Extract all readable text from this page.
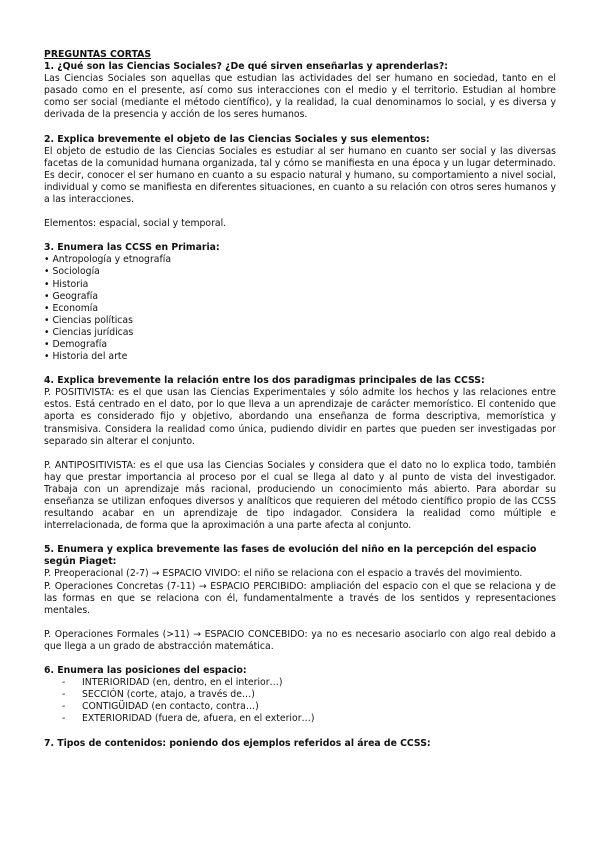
PREGUNTAS CORTAS
1. ¿Qué son las Ciencias Sociales? ¿De qué sirven enseñarlas y aprenderlas?:

Las Ciencias Sociales son aquellas que estudian las actividades del ser humano en sociedad, tanto en el pasado como en el presente, así como sus interacciones con el medio y el territorio. Estudian al hombre como ser social (mediante el método científico), y la realidad, la cual denominamos lo social, y es diversa y derivada de la presencia y acción de los seres humanos.

2. Explica brevemente el objeto de las Ciencias Sociales y sus elementos:

El objeto de estudio de las Ciencias Sociales es estudiar al ser humano en cuanto ser social y las diversas facetas de la comunidad humana organizada, tal y cómo se manifiesta en una época y un lugar determinado.

Es decir, conocer el ser humano en cuanto a su espacio natural y humano, su comportamiento a nivel social, individual y como se manifiesta en diferentes situaciones, en cuanto a su relación con otros seres humanos y a las interacciones.

Elementos: espacial, social y temporal.

3. Enumera las CCSS en Primaria:
• Antropología y etnografía
• Sociología
• Historia
• Geografía
• Economía
• Ciencias políticas
• Ciencias jurídicas
• Demografía
• Historia del arte
4. Explica brevemente la relación entre los dos paradigmas principales de las CCSS:

P. POSITIVISTA: es el que usan las Ciencias Experimentales y sólo admite los hechos y las relaciones entre estos. Está centrado en el dato, por lo que lleva a un aprendizaje de carácter memorístico. El contenido que aporta es considerado fijo y objetivo, abordando una enseñanza de forma descriptiva, memorística y transmisiva. Considera la realidad como única, pudiendo dividir en partes que pueden ser investigadas por separado sin alterar el conjunto.

P. ANTIPOSITIVISTA: es el que usa las Ciencias Sociales y considera que el dato no lo explica todo, también hay que prestar importancia al proceso por el cual se llega al dato y al punto de vista del investigador. Trabaja con un aprendizaje más racional, produciendo un conocimiento más abierto. Para abordar su enseñanza se utilizan enfoques diversos y analíticos que requieren del método científico propio de las CCSS resultando acabar en un aprendizaje de tipo indagador. Considera la realidad como múltiple e interrelacionada, de forma que la aproximación a una parte afecta al conjunto.

5. Enumera y explica brevemente las fases de evolución del niño en la percepción del espacio según Piaget:

P. Preoperacional (2-7) → ESPACIO VIVIDO: el niño se relaciona con el espacio a través del movimiento.

P. Operaciones Concretas (7-11) → ESPACIO PERCIBIDO: ampliación del espacio con el que se relaciona y de las formas en que se relaciona con él, fundamentalmente a través de los sentidos y representaciones mentales.

P. Operaciones Formales (>11) → ESPACIO CONCEBIDO: ya no es necesario asociarlo con algo real debido a que llega a un grado de abstracción matemática.

6. Enumera las posiciones del espacio:
- INTERIORIDAD (en, dentro, en el interior…)
- SECCIÓN (corte, atajo, a través de…)
- CONTIGÜIDAD (en contacto, contra…)
- EXTERIORIDAD (fuera de, afuera, en el exterior…)
7. Tipos de contenidos: poniendo dos ejemplos referidos al área de CCSS:
